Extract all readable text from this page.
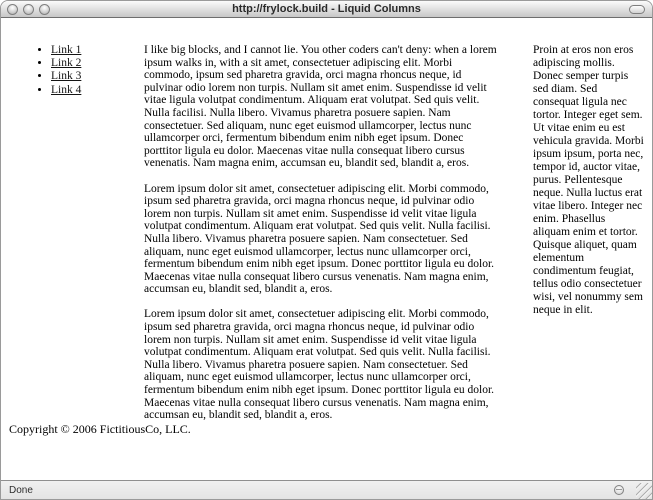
http://frylock.build - Liquid Columns
• Link 1
• Link 2
• Link 3
• Link 4

I like big blocks, and I cannot lie. You other coders can't deny: when a lorem ipsum walks in, with a sit amet, consectetuer adipiscing elit. Morbi commodo, ipsum sed pharetra gravida, orci magna rhoncus neque, id pulvinar odio lorem non turpis. Nullam sit amet enim. Suspendisse id velit vitae ligula volutpat condimentum. Aliquam erat volutpat. Sed quis velit. Nulla facilisi. Nulla libero. Vivamus pharetra posuere sapien. Nam consectetuer. Sed aliquam, nunc eget euismod ullamcorper, lectus nunc ullamcorper orci, fermentum bibendum enim nibh eget ipsum. Donec porttitor ligula eu dolor. Maecenas vitae nulla consequat libero cursus venenatis. Nam magna enim, accumsan eu, blandit sed, blandit a, eros.

Lorem ipsum dolor sit amet, consectetuer adipiscing elit. Morbi commodo, ipsum sed pharetra gravida, orci magna rhoncus neque, id pulvinar odio lorem non turpis. Nullam sit amet enim. Suspendisse id velit vitae ligula volutpat condimentum. Aliquam erat volutpat. Sed quis velit. Nulla facilisi. Nulla libero. Vivamus pharetra posuere sapien. Nam consectetuer. Sed aliquam, nunc eget euismod ullamcorper, lectus nunc ullamcorper orci, fermentum bibendum enim nibh eget ipsum. Donec porttitor ligula eu dolor. Maecenas vitae nulla consequat libero cursus venenatis. Nam magna enim, accumsan eu, blandit sed, blandit a, eros.

Lorem ipsum dolor sit amet, consectetuer adipiscing elit. Morbi commodo, ipsum sed pharetra gravida, orci magna rhoncus neque, id pulvinar odio lorem non turpis. Nullam sit amet enim. Suspendisse id velit vitae ligula volutpat condimentum. Aliquam erat volutpat. Sed quis velit. Nulla facilisi. Nulla libero. Vivamus pharetra posuere sapien. Nam consectetuer. Sed aliquam, nunc eget euismod ullamcorper, lectus nunc ullamcorper orci, fermentum bibendum enim nibh eget ipsum. Donec porttitor ligula eu dolor. Maecenas vitae nulla consequat libero cursus venenatis. Nam magna enim, accumsan eu, blandit sed, blandit a, eros.

Proin at eros non eros adipiscing mollis. Donec semper turpis sed diam. Sed consequat ligula nec tortor. Integer eget sem. Ut vitae enim eu est vehicula gravida. Morbi ipsum ipsum, porta nec, tempor id, auctor vitae, purus. Pellentesque neque. Nulla luctus erat vitae libero. Integer nec enim. Phasellus aliquam enim et tortor. Quisque aliquet, quam elementum condimentum feugiat, tellus odio consectetuer wisi, vel nonummy sem neque in elit.

Copyright © 2006 FictitiousCo, LLC.
Done
